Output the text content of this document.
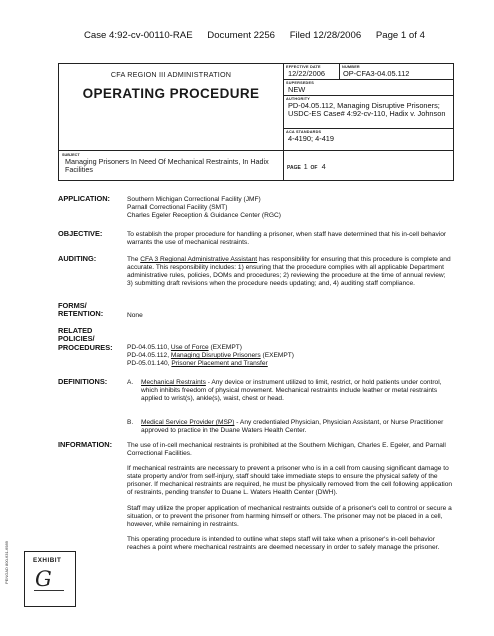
Case 4:92-cv-00110-RAE Document 2256 Filed 12/28/2006 Page 1 of 4
CFA REGION III ADMINISTRATION
OPERATING PROCEDURE
EFFECTIVE DATE
12/22/2006
NUMBER
OP-CFA3-04.05.112
SUPERSEDES
NEW
AUTHORITY
PD-04.05.112, Managing Disruptive Prisoners; USDC-ES Case# 4:92-cv-110, Hadix v. Johnson
ACA STANDARDS
4-4190; 4-419
SUBJECT
Managing Prisoners In Need Of Mechanical Restraints, In Hadix Facilities	PAGE 1 OF 4
APPLICATION:	Southern Michigan Correctional Facility (JMF)
Parnall Correctional Facility (SMT)
Charles Egeler Reception & Guidance Center (RGC)
OBJECTIVE:	To establish the proper procedure for handling a prisoner, when staff have determined that his in-cell behavior warrants the use of mechanical restraints.
AUDITING:	The CFA 3 Regional Administrative Assistant has responsibility for ensuring that this procedure is complete and accurate. This responsibility includes: 1) ensuring that the procedure complies with all applicable Department administrative rules, policies, DOMs and procedures; 2) reviewing the procedure at the time of annual review; 3) submitting draft revisions when the procedure needs updating; and, 4) auditing staff compliance.
FORMS/
RETENTION:	None
RELATED
POLICIES/
PROCEDURES: PD-04.05.110, Use of Force (EXEMPT)
PD-04.05.112, Managing Disruptive Prisoners (EXEMPT)
PD-05.01.140, Prisoner Placement and Transfer
DEFINITIONS:	A. Mechanical Restraints - Any device or instrument utilized to limit, restrict, or hold patients under control, which inhibits freedom of physical movement. Mechanical restraints include leather or metal restraints applied to wrist(s), ankle(s), waist, chest or head.
B. Medical Service Provider (MSP) - Any credentialed Physician, Physician Assistant, or Nurse Practitioner approved to practice in the Duane Waters Health Center.
INFORMATION: The use of in-cell mechanical restraints is prohibited at the Southern Michigan, Charles E. Egeler, and Parnall Correctional Facilities.

If mechanical restraints are necessary to prevent a prisoner who is in a cell from causing significant damage to state property and/or from self-injury, staff should take immediate steps to ensure the physical safety of the prisoner. If mechanical restraints are required, he must be physically removed from the cell following application of restraints, pending transfer to Duane L. Waters Health Center (DWH).

Staff may utilize the proper application of mechanical restraints outside of a prisoner's cell to control or secure a situation, or to prevent the prisoner from harming himself or others. The prisoner may not be placed in a cell, however, while remaining in restraints.

This operating procedure is intended to outline what steps staff will take when a prisoner's in-cell behavior reaches a point where mechanical restraints are deemed necessary in order to safely manage the prisoner.

EXHIBIT
G
PENGAD 800-631-6989
